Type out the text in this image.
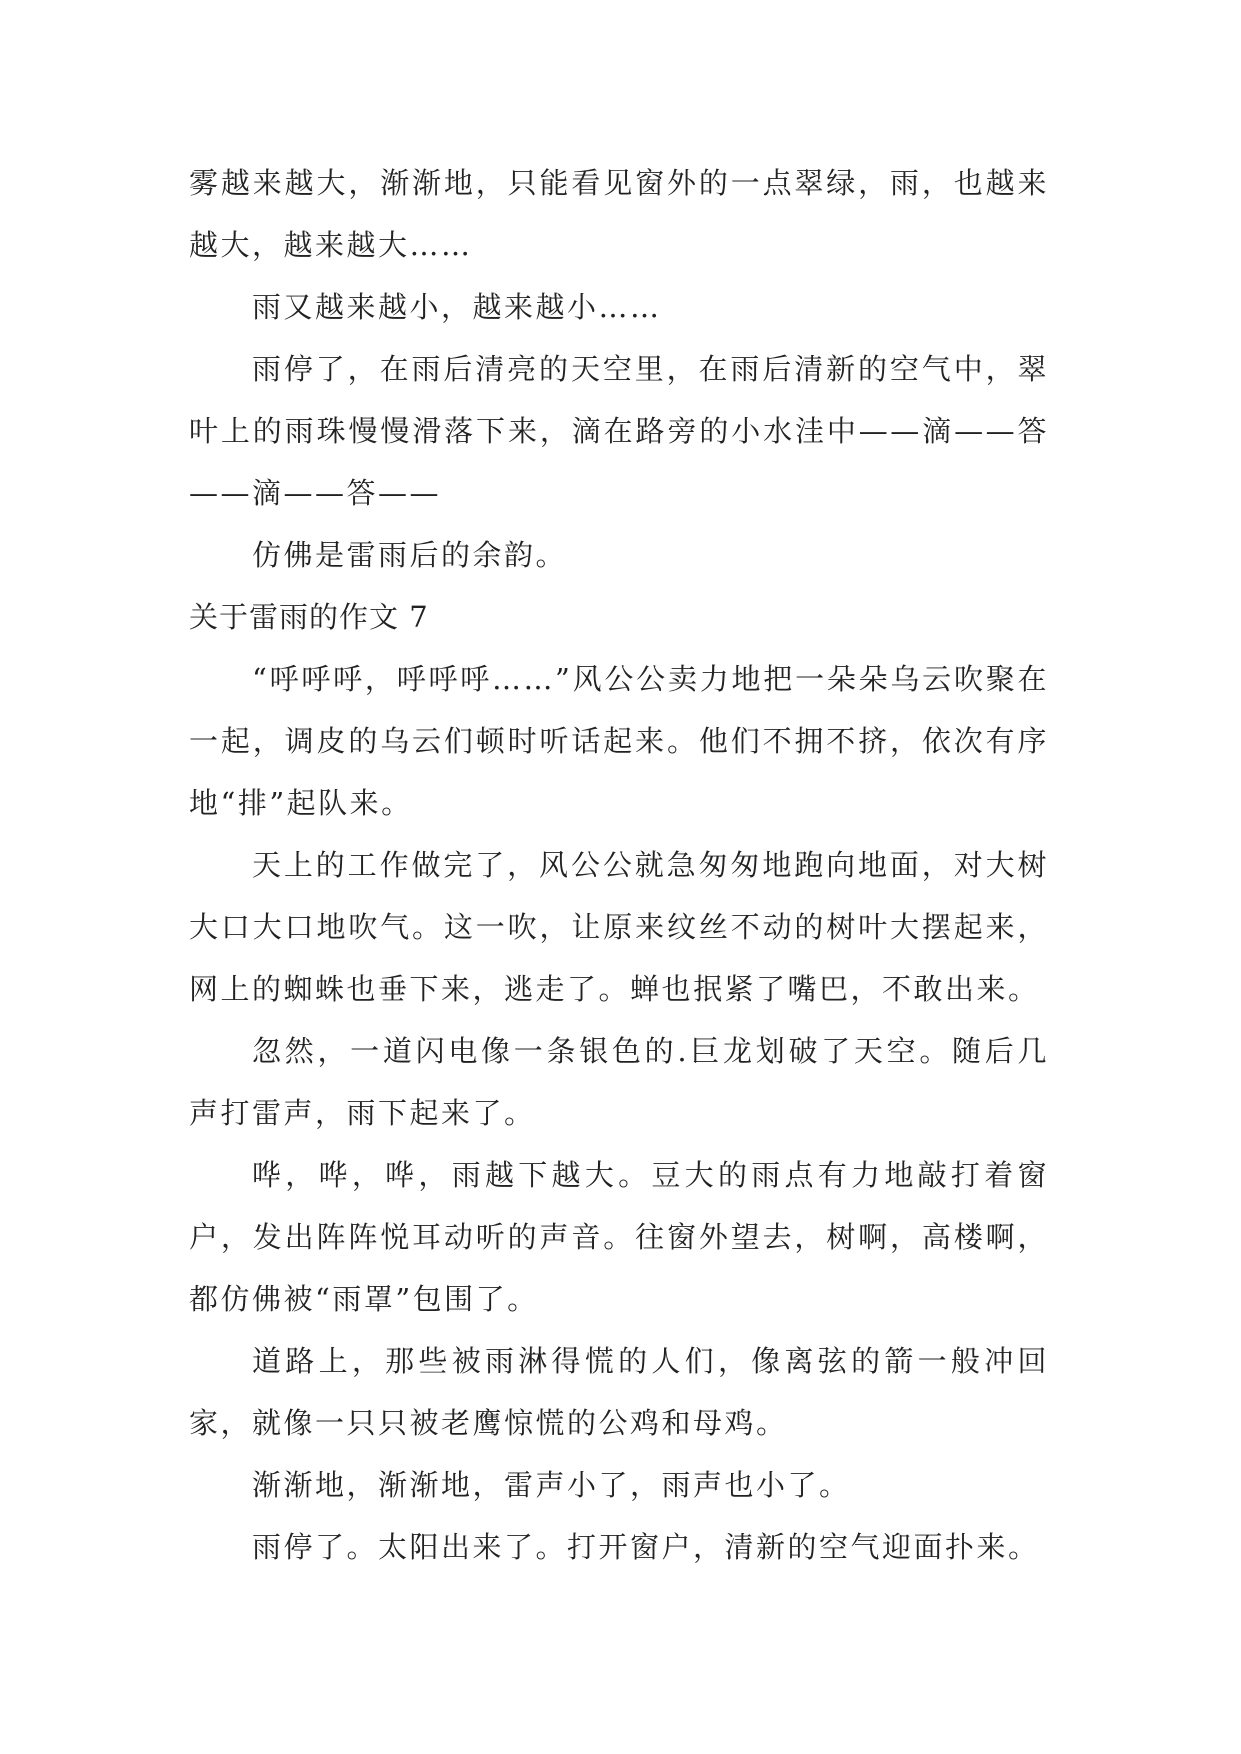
雾越来越大，渐渐地，只能看见窗外的一点翠绿，雨，也越来越大，越来越大……

雨又越来越小，越来越小……

雨停了，在雨后清亮的天空里，在雨后清新的空气中，翠叶上的雨珠慢慢滑落下来，滴在路旁的小水洼中——滴——答——滴——答——

仿佛是雷雨后的余韵。

关于雷雨的作文 7

“呼呼呼，呼呼呼……”风公公卖力地把一朵朵乌云吹聚在一起，调皮的乌云们顿时听话起来。他们不拥不挤，依次有序地“排”起队来。

天上的工作做完了，风公公就急匆匆地跑向地面，对大树大口大口地吹气。这一吹，让原来纹丝不动的树叶大摆起来，网上的蜘蛛也垂下来，逃走了。蝉也抿紧了嘴巴，不敢出来。

忽然，一道闪电像一条银色的.巨龙划破了天空。随后几声打雷声，雨下起来了。

哗，哗，哗，雨越下越大。豆大的雨点有力地敲打着窗户，发出阵阵悦耳动听的声音。往窗外望去，树啊，高楼啊，都仿佛被“雨罩”包围了。

道路上，那些被雨淋得慌的人们，像离弦的箭一般冲回家，就像一只只被老鹰惊慌的公鸡和母鸡。

渐渐地，渐渐地，雷声小了，雨声也小了。

雨停了。太阳出来了。打开窗户，清新的空气迎面扑来。
